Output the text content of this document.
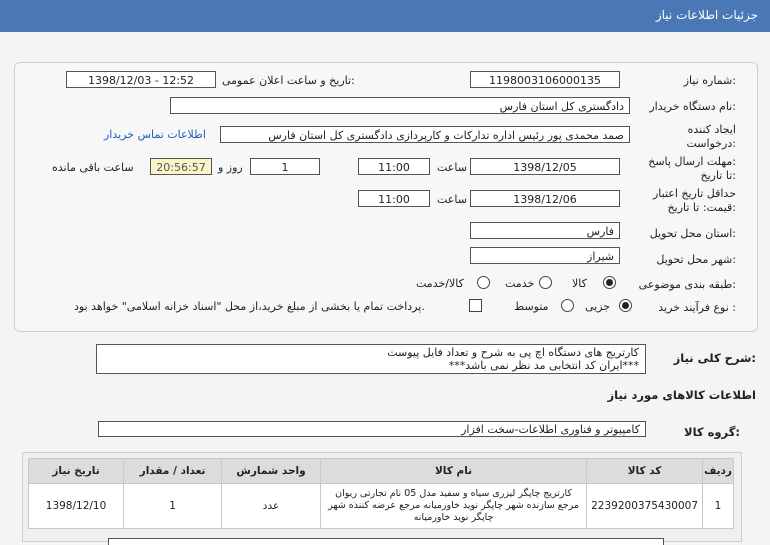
جزئیات اطلاعات نیاز
شماره نیاز:
1198003106000135
تاریخ و ساعت اعلان عمومی:
1398/12/03 - 12:52
نام دستگاه خریدار:
دادگستری کل استان فارس
ایجاد کننده
درخواست:
صمد محمدی پور رئیس اداره تدارکات و کارپردازی دادگستری کل استان فارس
اطلاعات تماس خریدار
مهلت ارسال پاسخ:
تا تاریخ:
1398/12/05
ساعت
11:00
1
روز و
20:56:57
ساعت باقی مانده
حداقل تاریخ اعتبار
قیمت: تا تاریخ:
1398/12/06
ساعت
11:00
استان محل تحویل:
فارس
شهر محل تحویل:
شیراز
طبقه بندی موضوعی:
کالا
خدمت
کالا/خدمت
نوع فرآیند خرید :
جزیی
متوسط
پرداخت تمام یا بخشی از مبلغ خرید،از محل "اسناد خزانه اسلامی" خواهد بود.
شرح کلی نیاز:
کارتریج های دستگاه اچ پی به شرح و تعداد فایل پیوست
***ایران کد انتخابی مد نظر نمی باشد***
اطلاعات کالاهای مورد نیاز
گروه کالا:
کامپیوتر و فناوری اطلاعات-سخت افزار
ردیف	کد کالا	نام کالا	واحد شمارش	تعداد / مقدار	تاریخ نیاز
1	2239200375430007	کارتریج چاپگر لیزری سیاه و سفید مدل 05 نام تجارتی ریوان مرجع سازنده شهر چاپگر نوید خاورمیانه مرجع عرضه کننده شهر چاپگر نوید خاورمیانه	عدد	1	1398/12/10
